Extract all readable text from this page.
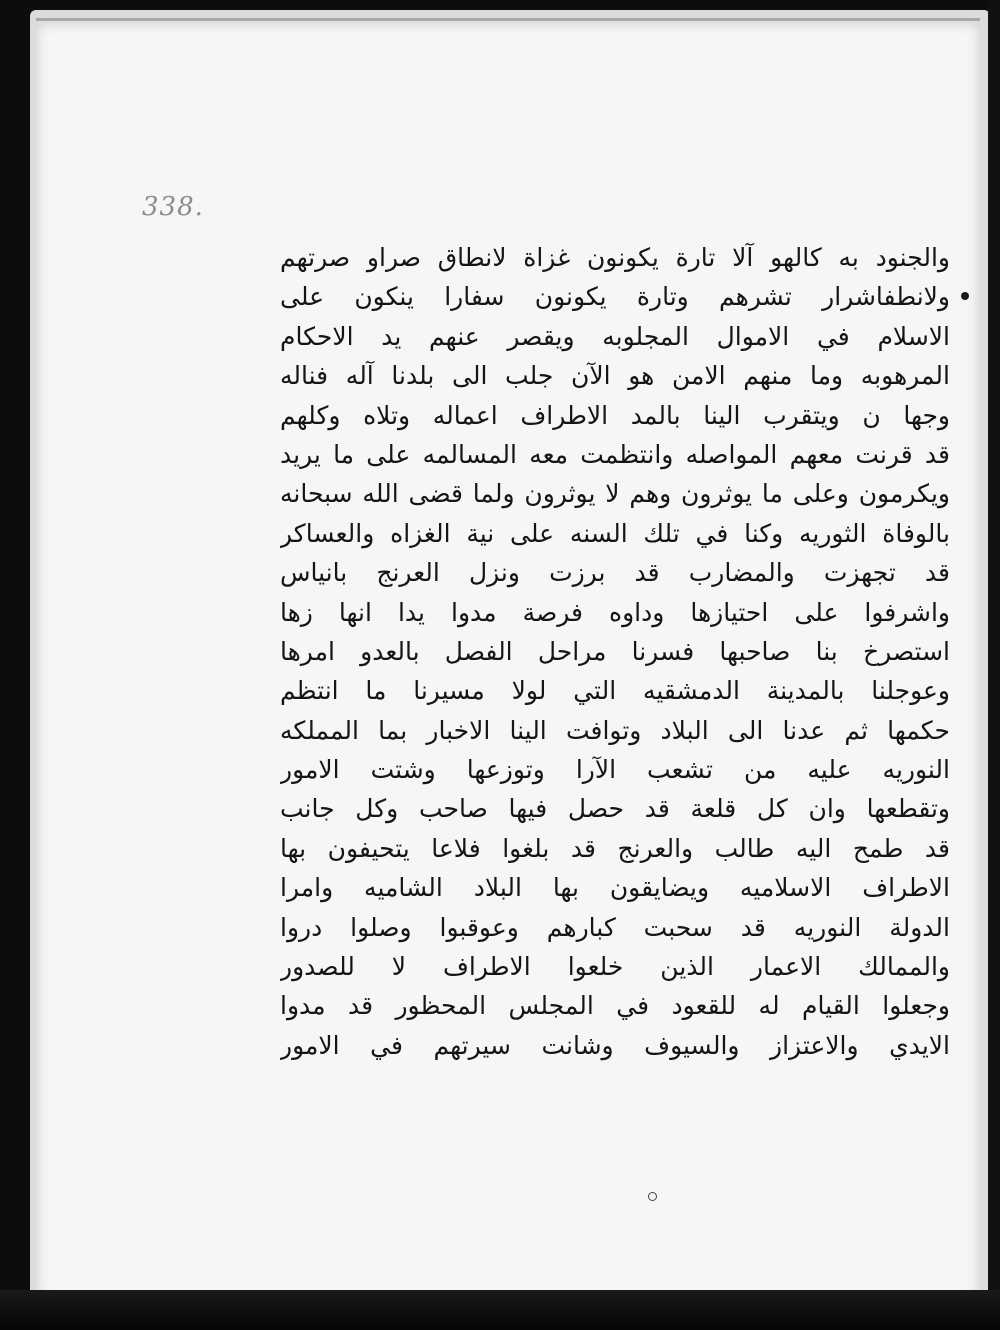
338.
والجنود به كالهو آلا تارة يكونون غزاة لانطاق صراو صرتهم
ولانطفاشرار تشرهم وتارة يكونون سفارا ينكون على
الاسلام في الاموال المجلوبه ويقصر عنهم يد الاحكام
المرهوبه وما منهم الامن هو الآن جلب الى بلدنا آله فناله
وجها ن ويتقرب الينا بالمد الاطراف اعماله وتلاه وكلهم
قد قرنت معهم المواصله وانتظمت معه المسالمه على ما يريد
ويكرمون وعلى ما يوثرون وهم لا يوثرون ولما قضى الله سبحانه
بالوفاة الثوريه وكنا في تلك السنه على نية الغزاه والعساكر
قد تجهزت والمضارب قد برزت ونزل العرنج بانياس
واشرفوا على احتيازها وداوه فرصة مدوا يدا انها زها
استصرخ بنا صاحبها فسرنا مراحل الفصل بالعدو امرها
وعوجلنا بالمدينة الدمشقيه التي لولا مسيرنا ما انتظم
حكمها ثم عدنا الى البلاد وتوافت الينا الاخبار بما المملكه
النوريه عليه من تشعب الآرا وتوزعها وشتت الامور
وتقطعها وان كل قلعة قد حصل فيها صاحب وكل جانب
قد طمح اليه طالب والعرنج قد بلغوا فلاعا يتحيفون بها
الاطراف الاسلاميه ويضايقون بها البلاد الشاميه وامرا
الدولة النوريه قد سحبت كبارهم وعوقبوا وصلوا دروا
والممالك الاعمار الذين خلعوا الاطراف لا للصدور
وجعلوا القيام له للقعود في المجلس المحظور قد مدوا
الايدي والاعتزاز والسيوف وشانت سيرتهم في الامور
